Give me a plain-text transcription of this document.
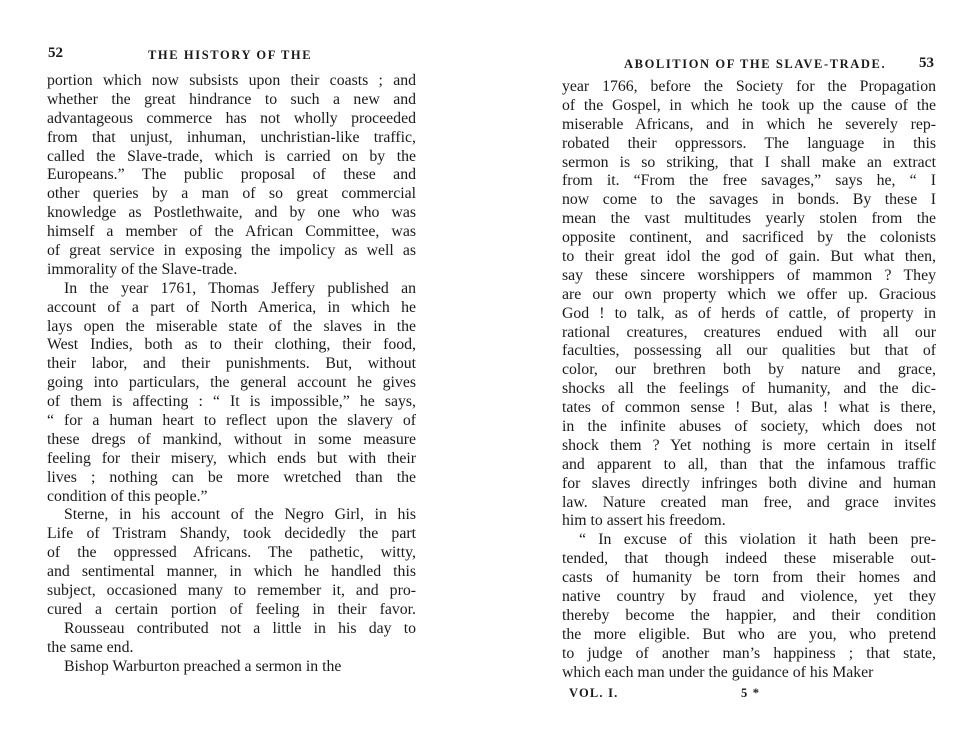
52	THE HISTORY OF THE
portion which now subsists upon their coasts ; and
whether the great hindrance to such a new and
advantageous commerce has not wholly proceeded
from that unjust, inhuman, unchristian-like traffic,
called the Slave-trade, which is carried on by the
Europeans.” The public proposal of these and
other queries by a man of so great commercial
knowledge as Postlethwaite, and by one who was
himself a member of the African Committee, was
of great service in exposing the impolicy as well as
immorality of the Slave-trade.
In the year 1761, Thomas Jeffery published an
account of a part of North America, in which he
lays open the miserable state of the slaves in the
West Indies, both as to their clothing, their food,
their labor, and their punishments. But, without
going into particulars, the general account he gives
of them is affecting : “ It is impossible,” he says,
“ for a human heart to reflect upon the slavery of
these dregs of mankind, without in some measure
feeling for their misery, which ends but with their
lives ; nothing can be more wretched than the
condition of this people.”
Sterne, in his account of the Negro Girl, in his
Life of Tristram Shandy, took decidedly the part
of the oppressed Africans. The pathetic, witty,
and sentimental manner, in which he handled this
subject, occasioned many to remember it, and pro-
cured a certain portion of feeling in their favor.
Rousseau contributed not a little in his day to
the same end.
Bishop Warburton preached a sermon in the
ABOLITION OF THE SLAVE-TRADE. 53
year 1766, before the Society for the Propagation
of the Gospel, in which he took up the cause of the
miserable Africans, and in which he severely rep-
robated their oppressors. The language in this
sermon is so striking, that I shall make an extract
from it. “From the free savages,” says he, “ I
now come to the savages in bonds. By these I
mean the vast multitudes yearly stolen from the
opposite continent, and sacrificed by the colonists
to their great idol the god of gain. But what then,
say these sincere worshippers of mammon ? They
are our own property which we offer up. Gracious
God ! to talk, as of herds of cattle, of property in
rational creatures, creatures endued with all our
faculties, possessing all our qualities but that of
color, our brethren both by nature and grace,
shocks all the feelings of humanity, and the dic-
tates of common sense ! But, alas ! what is there,
in the infinite abuses of society, which does not
shock them ? Yet nothing is more certain in itself
and apparent to all, than that the infamous traffic
for slaves directly infringes both divine and human
law. Nature created man free, and grace invites
him to assert his freedom.
“ In excuse of this violation it hath been pre-
tended, that though indeed these miserable out-
casts of humanity be torn from their homes and
native country by fraud and violence, yet they
thereby become the happier, and their condition
the more eligible. But who are you, who pretend
to judge of another man’s happiness ; that state,
which each man under the guidance of his Maker
VOL. I.	5 *
